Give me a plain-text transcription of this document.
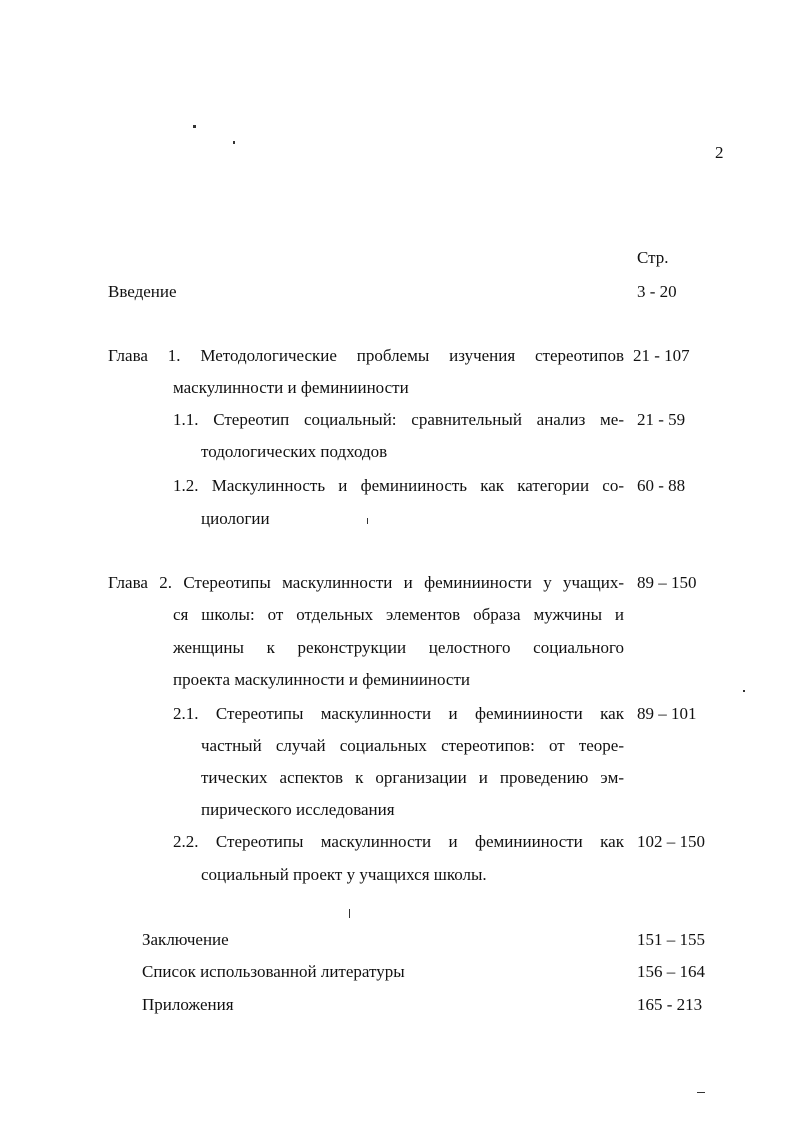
2
Стр.
Введение	3 - 20
Глава 1. Методологические проблемы изучения стереотипов 21 - 107
маскулинности и феминииности
1.1. Стереотип социальный: сравнительный анализ ме- 21 - 59
тодологических подходов
1.2. Маскулинность и феминииность как категории со- 60 - 88
циологии
Глава 2. Стереотипы маскулинности и феминииности у учащих- 89 – 150
ся школы: от отдельных элементов образа мужчины и
женщины к реконструкции целостного социального
проекта маскулинности и феминииности
2.1. Стереотипы маскулинности и феминииности как 89 – 101
частный случай социальных стереотипов: от теоре-
тических аспектов к организации и проведению эм-
пирического исследования
2.2. Стереотипы маскулинности и феминииности как 102 – 150
социальный проект у учащихся школы.
Заключение	151 – 155
Список использованной литературы	156 – 164
Приложения	165 - 213
